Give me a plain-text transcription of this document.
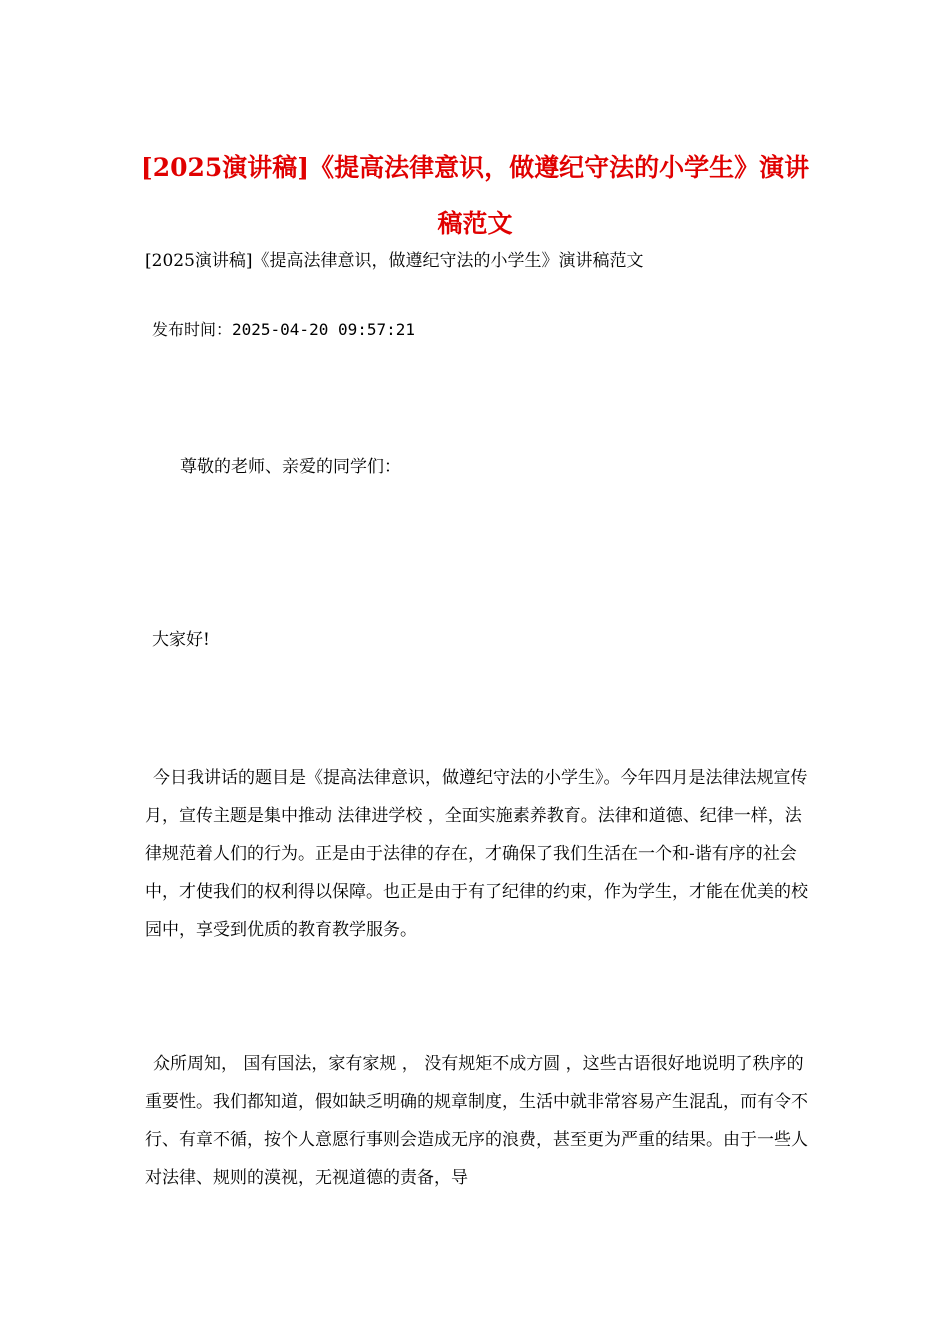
[2025演讲稿]《提高法律意识，做遵纪守法的小学生》演讲稿范文

[2025演讲稿]《提高法律意识，做遵纪守法的小学生》演讲稿范文

发布时间：2025-04-20 09:57:21

尊敬的老师、亲爱的同学们：

大家好!

今日我讲话的题目是《提高法律意识，做遵纪守法的小学生》。今年四月是法律法规宣传月，宣传主题是集中推动 法律进学校 ，全面实施素养教育。法律和道德、纪律一样，法律规范着人们的行为。正是由于法律的存在，才确保了我们生活在一个和-谐有序的社会中，才使我们的权利得以保障。也正是由于有了纪律的约束，作为学生，才能在优美的校园中，享受到优质的教育教学服务。

众所周知， 国有国法，家有家规 ， 没有规矩不成方圆 ，这些古语很好地说明了秩序的重要性。我们都知道，假如缺乏明确的规章制度，生活中就非常容易产生混乱，而有令不行、有章不循，按个人意愿行事则会造成无序的浪费，甚至更为严重的结果。由于一些人对法律、规则的漠视，无视道德的责备，导
